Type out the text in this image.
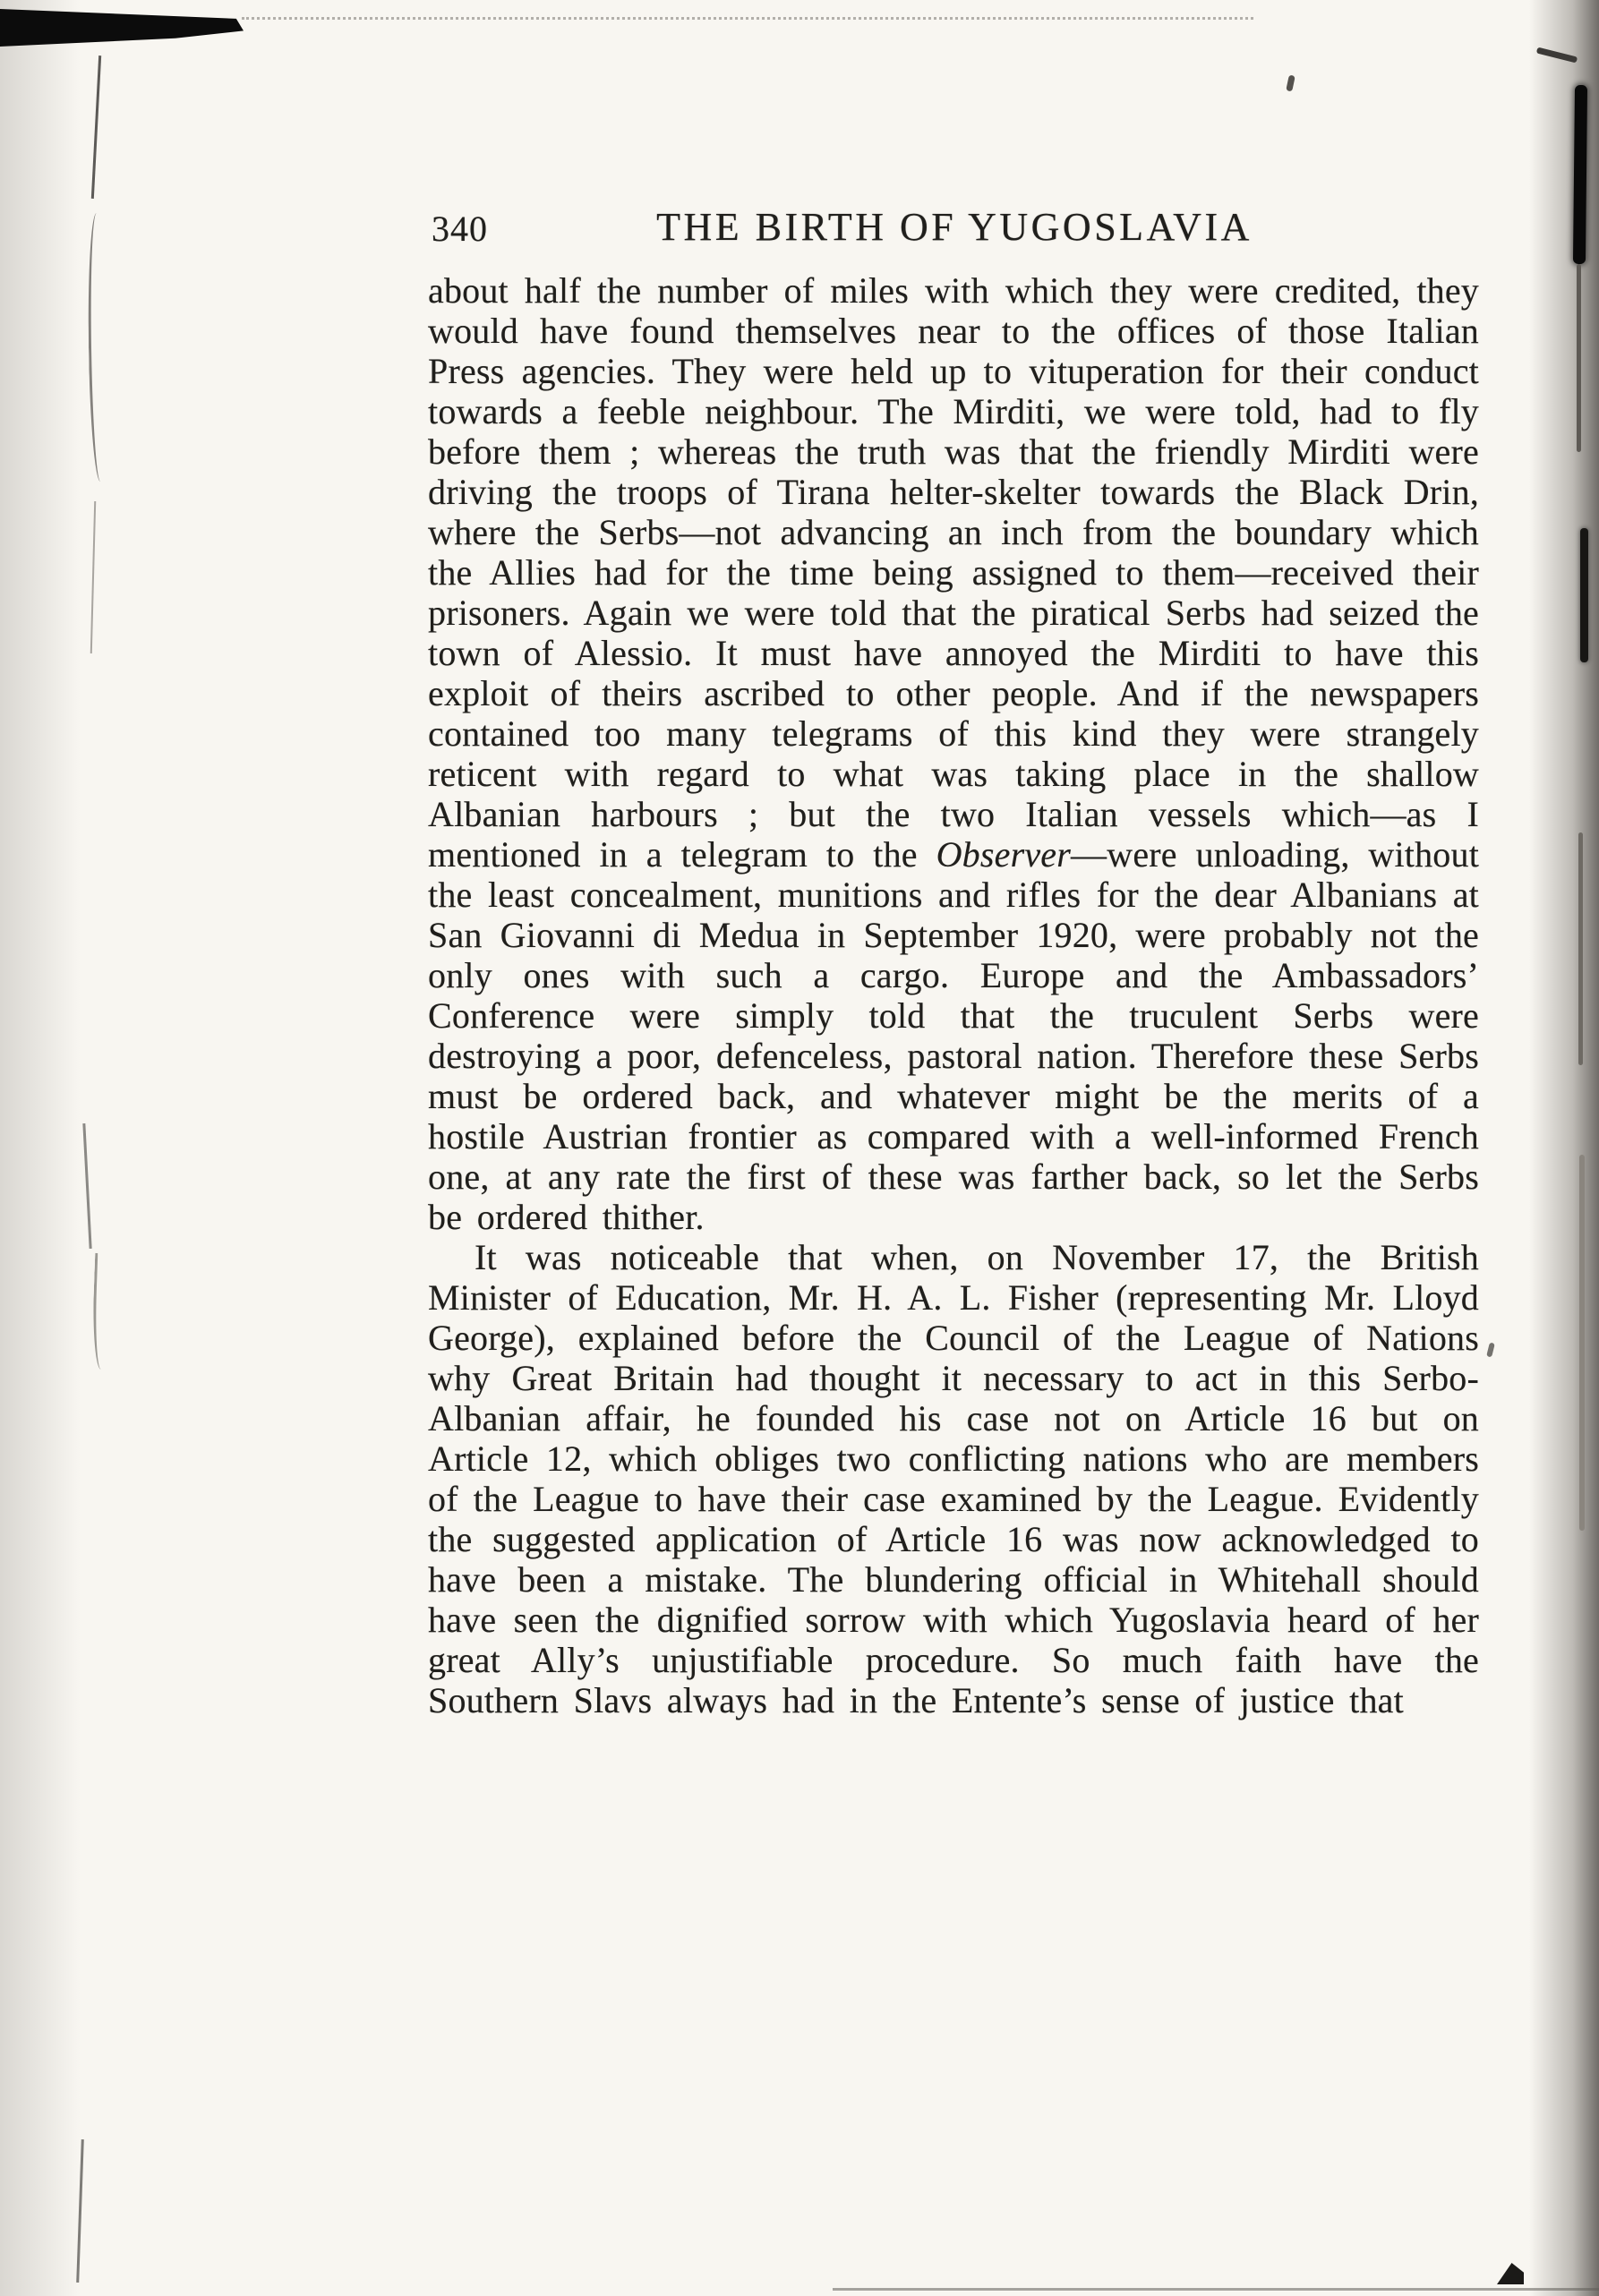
340	THE BIRTH OF YUGOSLAVIA

about half the number of miles with which they were credited, they would have found themselves near to the offices of those Italian Press agencies. They were held up to vituperation for their conduct towards a feeble neighbour. The Mirditi, we were told, had to fly before them ; whereas the truth was that the friendly Mirditi were driving the troops of Tirana helter-skelter towards the Black Drin, where the Serbs—not advancing an inch from the boundary which the Allies had for the time being assigned to them—received their prisoners. Again we were told that the piratical Serbs had seized the town of Alessio. It must have annoyed the Mirditi to have this exploit of theirs ascribed to other people. And if the newspapers contained too many telegrams of this kind they were strangely reticent with regard to what was taking place in the shallow Albanian harbours ; but the two Italian vessels which—as I mentioned in a telegram to the Observer—were unloading, without the least concealment, munitions and rifles for the dear Albanians at San Giovanni di Medua in September 1920, were probably not the only ones with such a cargo. Europe and the Ambassadors’ Conference were simply told that the truculent Serbs were destroying a poor, defenceless, pastoral nation. Therefore these Serbs must be ordered back, and whatever might be the merits of a hostile Austrian frontier as compared with a well-informed French one, at any rate the first of these was farther back, so let the Serbs be ordered thither.

It was noticeable that when, on November 17, the British Minister of Education, Mr. H. A. L. Fisher (representing Mr. Lloyd George), explained before the Council of the League of Nations why Great Britain had thought it necessary to act in this Serbo-Albanian affair, he founded his case not on Article 16 but on Article 12, which obliges two conflicting nations who are members of the League to have their case examined by the League. Evidently the suggested application of Article 16 was now acknowledged to have been a mistake. The blundering official in Whitehall should have seen the dignified sorrow with which Yugoslavia heard of her great Ally’s unjustifiable procedure. So much faith have the Southern Slavs always had in the Entente’s sense of justice that
